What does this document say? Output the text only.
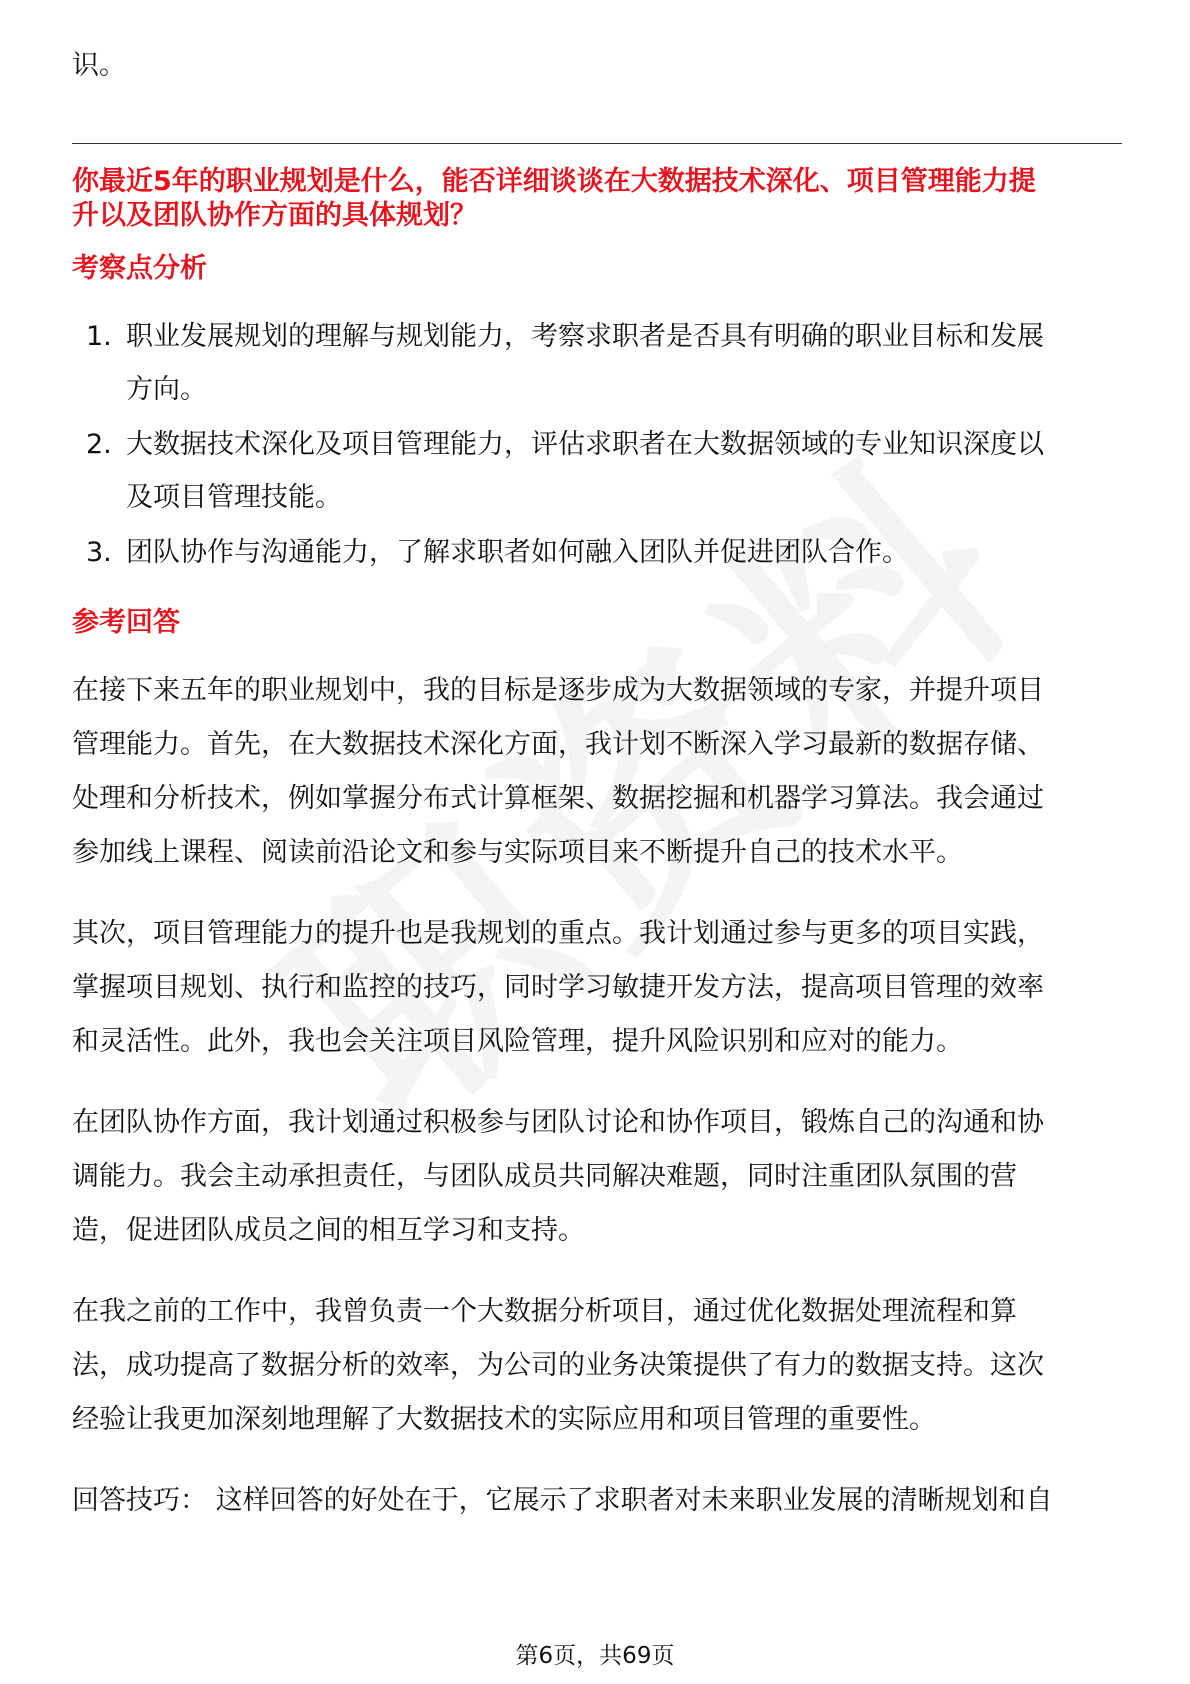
识。
你最近5年的职业规划是什么，能否详细谈谈在大数据技术深化、项目管理能力提
升以及团队协作方面的具体规划？
考察点分析
1. 职业发展规划的理解与规划能力，考察求职者是否具有明确的职业目标和发展
方向。
2. 大数据技术深化及项目管理能力，评估求职者在大数据领域的专业知识深度以
及项目管理技能。
3. 团队协作与沟通能力，了解求职者如何融入团队并促进团队合作。
参考回答
在接下来五年的职业规划中，我的目标是逐步成为大数据领域的专家，并提升项目
管理能力。首先，在大数据技术深化方面，我计划不断深入学习最新的数据存储、
处理和分析技术，例如掌握分布式计算框架、数据挖掘和机器学习算法。我会通过
参加线上课程、阅读前沿论文和参与实际项目来不断提升自己的技术水平。
其次，项目管理能力的提升也是我规划的重点。我计划通过参与更多的项目实践，
掌握项目规划、执行和监控的技巧，同时学习敏捷开发方法，提高项目管理的效率
和灵活性。此外，我也会关注项目风险管理，提升风险识别和应对的能力。
在团队协作方面，我计划通过积极参与团队讨论和协作项目，锻炼自己的沟通和协
调能力。我会主动承担责任，与团队成员共同解决难题，同时注重团队氛围的营
造，促进团队成员之间的相互学习和支持。
在我之前的工作中，我曾负责一个大数据分析项目，通过优化数据处理流程和算
法，成功提高了数据分析的效率，为公司的业务决策提供了有力的数据支持。这次
经验让我更加深刻地理解了大数据技术的实际应用和项目管理的重要性。
回答技巧： 这样回答的好处在于，它展示了求职者对未来职业发展的清晰规划和自
第6页，共69页
